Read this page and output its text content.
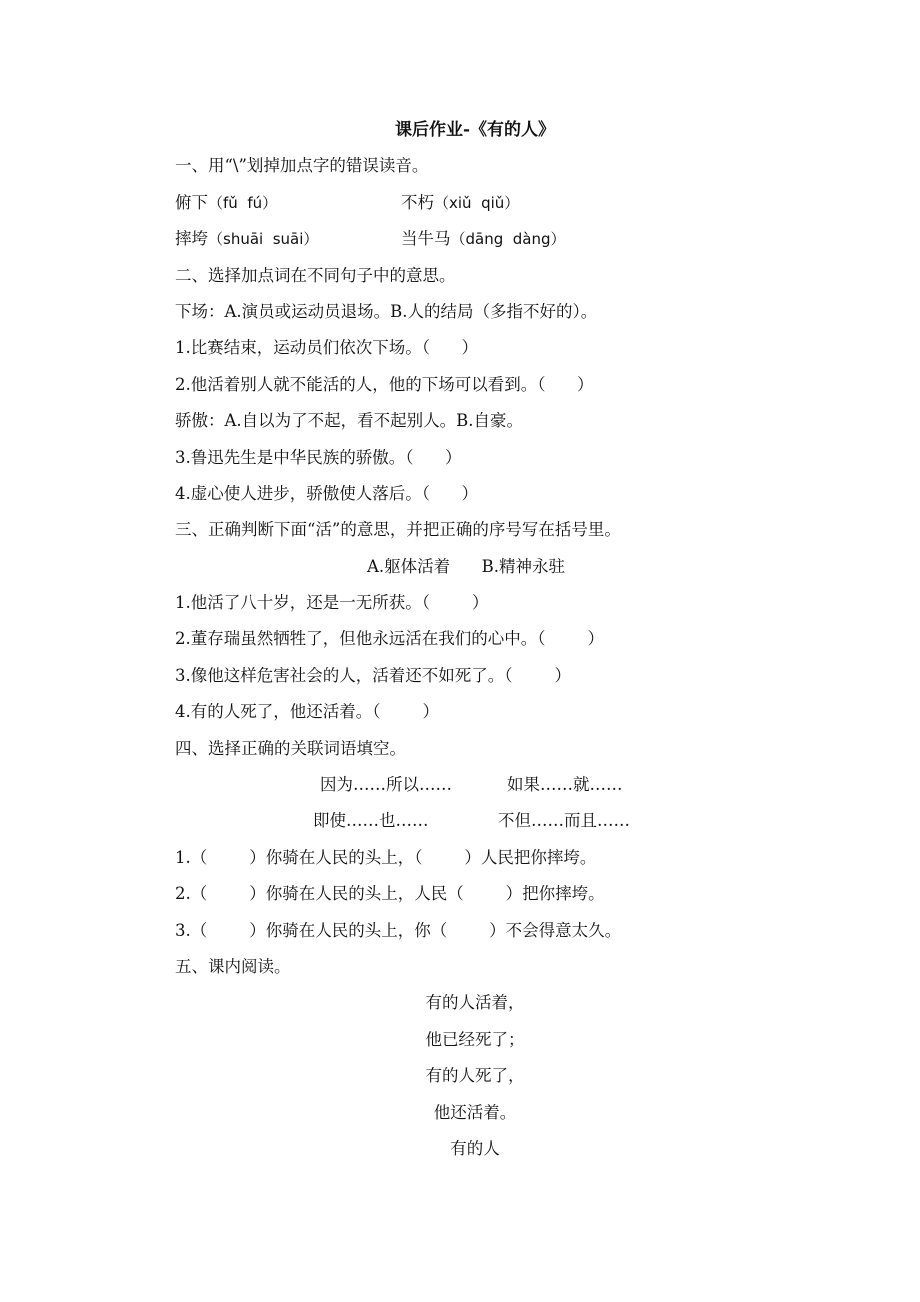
课后作业-《有的人》
一、用“\”划掉加点字的错误读音。
俯下（fǔ  fú）	不朽（xiǔ  qiǔ）
摔垮（shuāi  suāi）	当牛马（dāng  dàng）
二、选择加点词在不同句子中的意思。
下场：A.演员或运动员退场。B.人的结局（多指不好的）。
1.比赛结束，运动员们依次下场。（      ）
2.他活着别人就不能活的人，他的下场可以看到。（      ）
骄傲：A.自以为了不起，看不起别人。B.自豪。
3.鲁迅先生是中华民族的骄傲。（      ）
4.虚心使人进步，骄傲使人落后。（      ）
三、正确判断下面“活”的意思，并把正确的序号写在括号里。
A.躯体活着      B.精神永驻
1.他活了八十岁，还是一无所获。（        ）
2.董存瑞虽然牺牲了，但他永远活在我们的心中。（        ）
3.像他这样危害社会的人，活着还不如死了。（        ）
4.有的人死了，他还活着。（        ）
四、选择正确的关联词语填空。
因为……所以……	如果……就……
即使……也……	不但……而且……
1.（        ）你骑在人民的头上，（        ）人民把你摔垮。
2.（        ）你骑在人民的头上，人民（        ）把你摔垮。
3.（        ）你骑在人民的头上，你（        ）不会得意太久。
五、课内阅读。
有的人活着，
他已经死了；
有的人死了，
他还活着。
有的人
